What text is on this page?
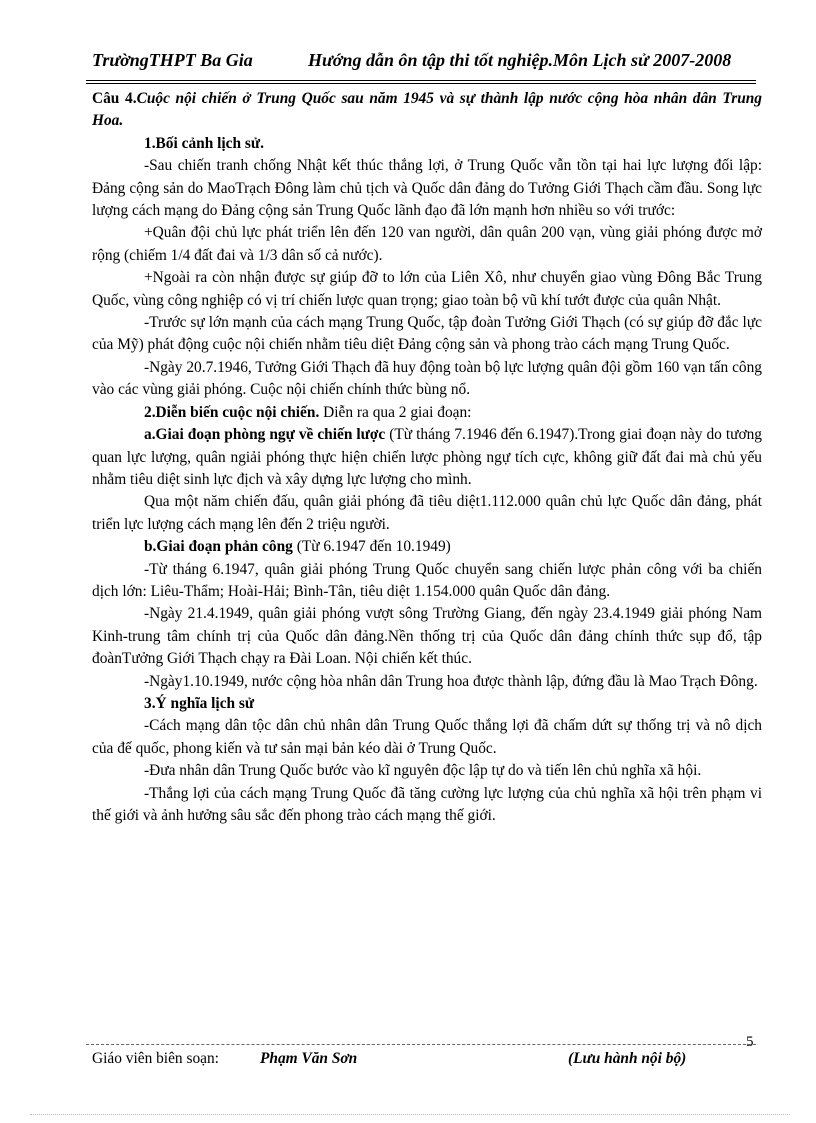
TrườngTHPT Ba Gia	Hướng dẫn ôn tập thi tốt nghiệp.Môn Lịch sử 2007-2008

Câu 4.Cuộc nội chiến ở Trung Quốc sau năm 1945 và sự thành lập nước cộng hòa nhân dân Trung Hoa.

1.Bối cảnh lịch sử.

-Sau chiến tranh chống Nhật kết thúc thắng lợi, ở Trung Quốc vẫn tồn tại hai lực lượng đối lập: Đảng cộng sản do MaoTrạch Đông làm chủ tịch và Quốc dân đảng do Tưởng Giới Thạch cầm đầu. Song lực lượng cách mạng do Đảng cộng sản Trung Quốc lãnh đạo đã lớn mạnh hơn nhiều so với trước:

+Quân đội chủ lực phát triển lên đến 120 van người, dân quân 200 vạn, vùng giải phóng được mở rộng (chiếm 1/4 đất đai và 1/3 dân số cả nước).

+Ngoài ra còn nhận được sự giúp đỡ to lớn của Liên Xô, như chuyển giao vùng Đông Bắc Trung Quốc, vùng công nghiệp có vị trí chiến lược quan trọng; giao toàn bộ vũ khí tướt được của quân Nhật.

-Trước sự lớn mạnh của cách mạng Trung Quốc, tập đoàn Tưởng Giới Thạch (có sự giúp đỡ đắc lực của Mỹ) phát động cuộc nội chiến nhằm tiêu diệt Đảng cộng sản và phong trào cách mạng Trung Quốc.

-Ngày 20.7.1946, Tưởng Giới Thạch đã huy động toàn bộ lực lượng quân đội gồm 160 vạn tấn công vào các vùng giải phóng. Cuộc nội chiến chính thức bùng nổ.

2.Diễn biến cuộc nội chiến. Diễn ra qua 2 giai đoạn:

a.Giai đoạn phòng ngự về chiến lược (Từ tháng 7.1946 đến 6.1947).Trong giai đoạn này do tương quan lực lượng, quân ngiải phóng thực hiện chiến lược phòng ngự tích cực, không giữ đất đai mà chủ yếu nhằm tiêu diệt sinh lực địch và xây dựng lực lượng cho mình.

Qua một năm chiến đấu, quân giải phóng đã tiêu diệt1.112.000 quân chủ lực Quốc dân đảng, phát triển lực lượng cách mạng lên đến 2 triệu người.

b.Giai đoạn phản công (Từ 6.1947 đến 10.1949)

-Từ tháng 6.1947, quân giải phóng Trung Quốc chuyển sang chiến lược phản công với ba chiến dịch lớn: Liêu-Thẩm; Hoài-Hải; Bình-Tân, tiêu diệt 1.154.000 quân Quốc dân đảng.

-Ngày 21.4.1949, quân giải phóng vượt sông Trường Giang, đến ngày 23.4.1949 giải phóng Nam Kinh-trung tâm chính trị của Quốc dân đảng.Nền thống trị của Quốc dân đảng chính thức sụp đổ, tập đoànTưởng Giới Thạch chạy ra Đài Loan. Nội chiến kết thúc.

-Ngày1.10.1949, nước cộng hòa nhân dân Trung hoa được thành lập, đứng đầu là Mao Trạch Đông.

3.Ý nghĩa lịch sử

-Cách mạng dân tộc dân chủ nhân dân Trung Quốc thắng lợi đã chấm dứt sự thống trị và nô dịch của đế quốc, phong kiến và tư sản mại bản kéo dài ở Trung Quốc.

-Đưa nhân dân Trung Quốc bước vào kĩ nguyên độc lập tự do và tiến lên chủ nghĩa xã hội.

-Thắng lợi của cách mạng Trung Quốc đã tăng cường lực lượng của chủ nghĩa xã hội trên phạm vi thế giới và ảnh hưởng sâu sắc đến phong trào cách mạng thế giới.

5
Giáo viên biên soạn:	Phạm Văn Sơn	(Lưu hành nội bộ)
